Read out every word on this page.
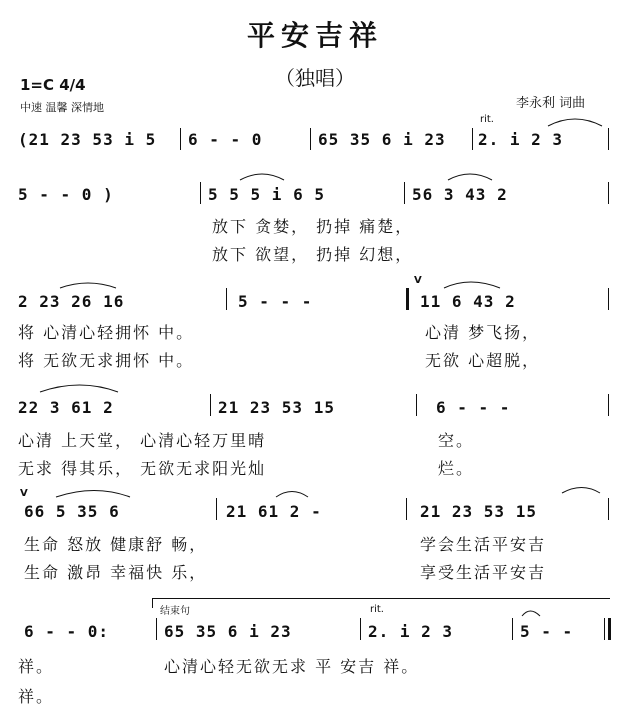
平安吉祥
（独唱）
1=C 4/4
中速 温馨 深情地	李永利 词曲
(21 23 53 i 5 6 - - 0	65 35 6 i 23
rit.
2. i 2 3
5 - - 0 )	5 5 5 i 6 5	56 3 43 2
放下 贪婪， 扔掉 痛楚，
放下 欲望， 扔掉 幻想，
2 23 26 16	5 - - -
V
11 6 43 2
将 心清心轻拥怀 中。
将 无欲无求拥怀 中。
心清 梦飞扬，
无欲 心超脱，
22 3 61 2	21 23 53 15	6 - - -
心清 上天堂， 心清心轻万里晴
无求 得其乐， 无欲无求阳光灿
空。
烂。
V
66 5 35 6	21 61 2 -	21 23 53 15
生命 怒放 健康舒 畅，
生命 激昂 幸福快 乐，
学会生活平安吉
享受生活平安吉
结束句
6 - - 0:	65 35 6 i 23
rit.
2. i 2 3	5 - -
祥。
祥。
心清心轻无欲无求 平 安吉 祥。
